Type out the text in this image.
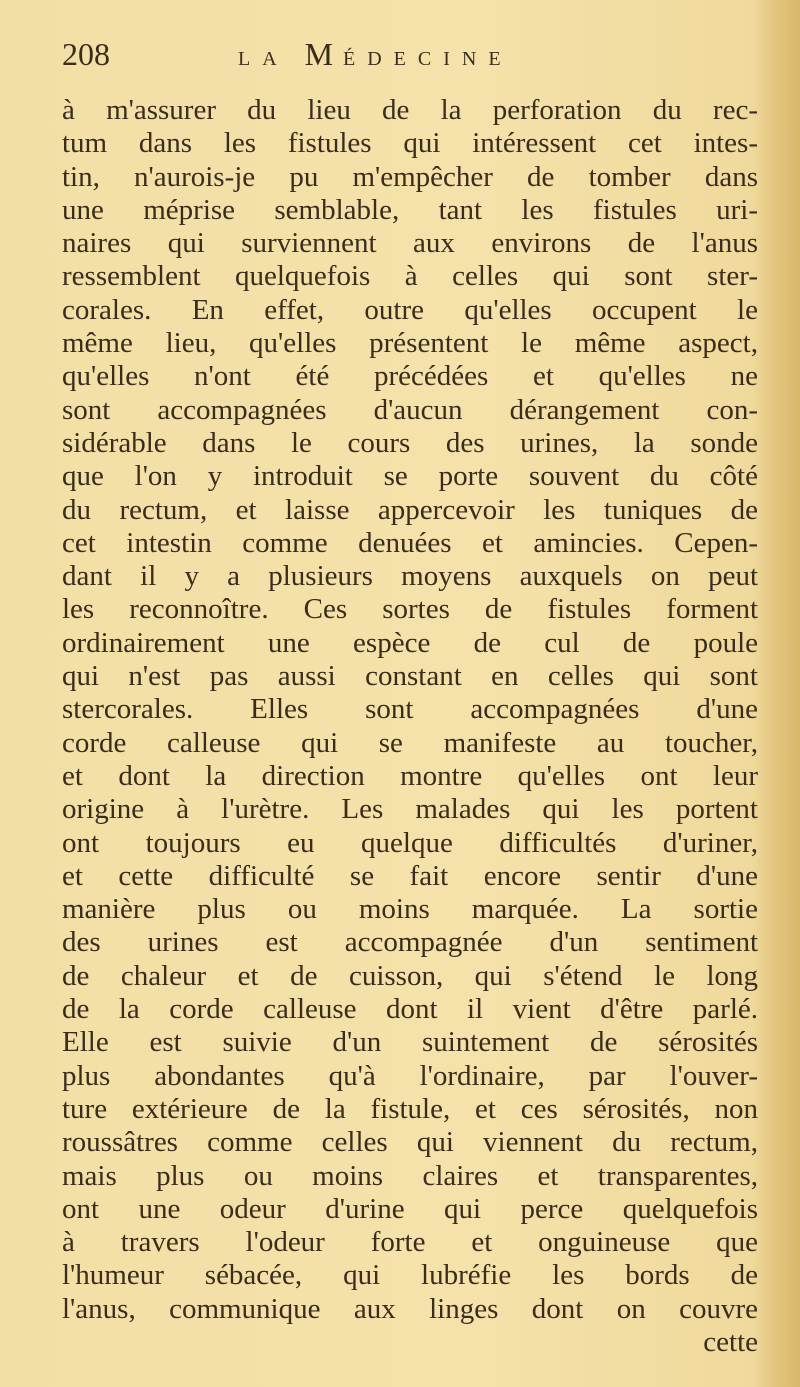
208	LA MÉDECINE
à m'assurer du lieu de la perforation du rec-
tum dans les fistules qui intéressent cet intes-
tin, n'aurois-je pu m'empêcher de tomber dans
une méprise semblable, tant les fistules uri-
naires qui surviennent aux environs de l'anus
ressemblent quelquefois à celles qui sont ster-
corales. En effet, outre qu'elles occupent le
même lieu, qu'elles présentent le même aspect,
qu'elles n'ont été précédées et qu'elles ne
sont accompagnées d'aucun dérangement con-
sidérable dans le cours des urines, la sonde
que l'on y introduit se porte souvent du côté
du rectum, et laisse appercevoir les tuniques de
cet intestin comme denuées et amincies. Cepen-
dant il y a plusieurs moyens auxquels on peut
les reconnoître. Ces sortes de fistules forment
ordinairement une espèce de cul de poule
qui n'est pas aussi constant en celles qui sont
stercorales. Elles sont accompagnées d'une
corde calleuse qui se manifeste au toucher,
et dont la direction montre qu'elles ont leur
origine à l'urètre. Les malades qui les portent
ont toujours eu quelque difficultés d'uriner,
et cette difficulté se fait encore sentir d'une
manière plus ou moins marquée. La sortie
des urines est accompagnée d'un sentiment
de chaleur et de cuisson, qui s'étend le long
de la corde calleuse dont il vient d'être parlé.
Elle est suivie d'un suintement de sérosités
plus abondantes qu'à l'ordinaire, par l'ouver-
ture extérieure de la fistule, et ces sérosités, non
roussâtres comme celles qui viennent du rectum,
mais plus ou moins claires et transparentes,
ont une odeur d'urine qui perce quelquefois
à travers l'odeur forte et onguineuse que
l'humeur sébacée, qui lubréfie les bords de
l'anus, communique aux linges dont on couvre
cette
